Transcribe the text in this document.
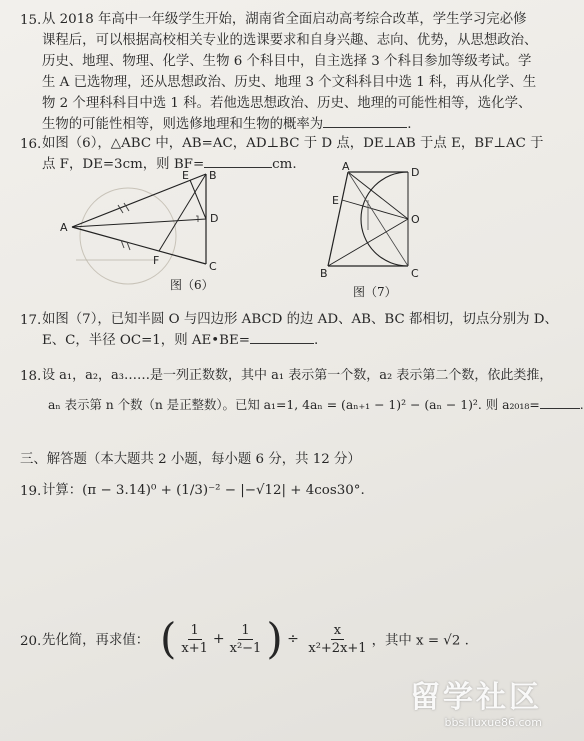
15. 从 2018 年高中一年级学生开始，湖南省全面启动高考综合改革，学生学习完必修
课程后，可以根据高校相关专业的选课要求和自身兴趣、志向、优势，从思想政治、
历史、地理、物理、化学、生物 6 个科目中，自主选择 3 个科目参加等级考试。学
生 A 已选物理，还从思想政治、历史、地理 3 个文科科目中选 1 科，再从化学、生
物 2 个理科科目中选 1 科。若他选思想政治、历史、地理的可能性相等，选化学、
生物的可能性相等，则选修地理和生物的概率为	.
16. 如图（6），△ABC 中，AB=AC，AD⊥BC 于 D 点，DE⊥AB 于点 E，BF⊥AC 于
点 F，DE=3cm，则 BF=	cm.
A
B
C
D
E
F
图（6）
A	D
E
O
B	C
图（7）
17. 如图（7），已知半圆 O 与四边形 ABCD 的边 AD、AB、BC 都相切，切点分别为 D、
E、C，半径 OC=1，则 AE•BE=	.
18. 设 a₁，a₂，a₃……是一列正数数，其中 a₁ 表示第一个数，a₂ 表示第二个数，依此类推，
aₙ 表示第 n 个数（n 是正整数）。已知 a₁=1, 4aₙ = (aₙ₊₁ − 1)² − (aₙ − 1)². 则 a₂₀₁₈=	.
三、解答题（本大题共 2 小题，每小题 6 分，共 12 分）
19. 计算：(π − 3.14)⁰ + (1/3)⁻² − |−√12| + 4cos30°.
20. 先化简，再求值： ( $\frac{1}{x+1} + \frac{1}{\text{x²−1}}$ ) ÷ $\frac{x}{\text{x²+2x+1}}$ ，其中 x = √2 .
留学社区
bbs.liuxue86.com
